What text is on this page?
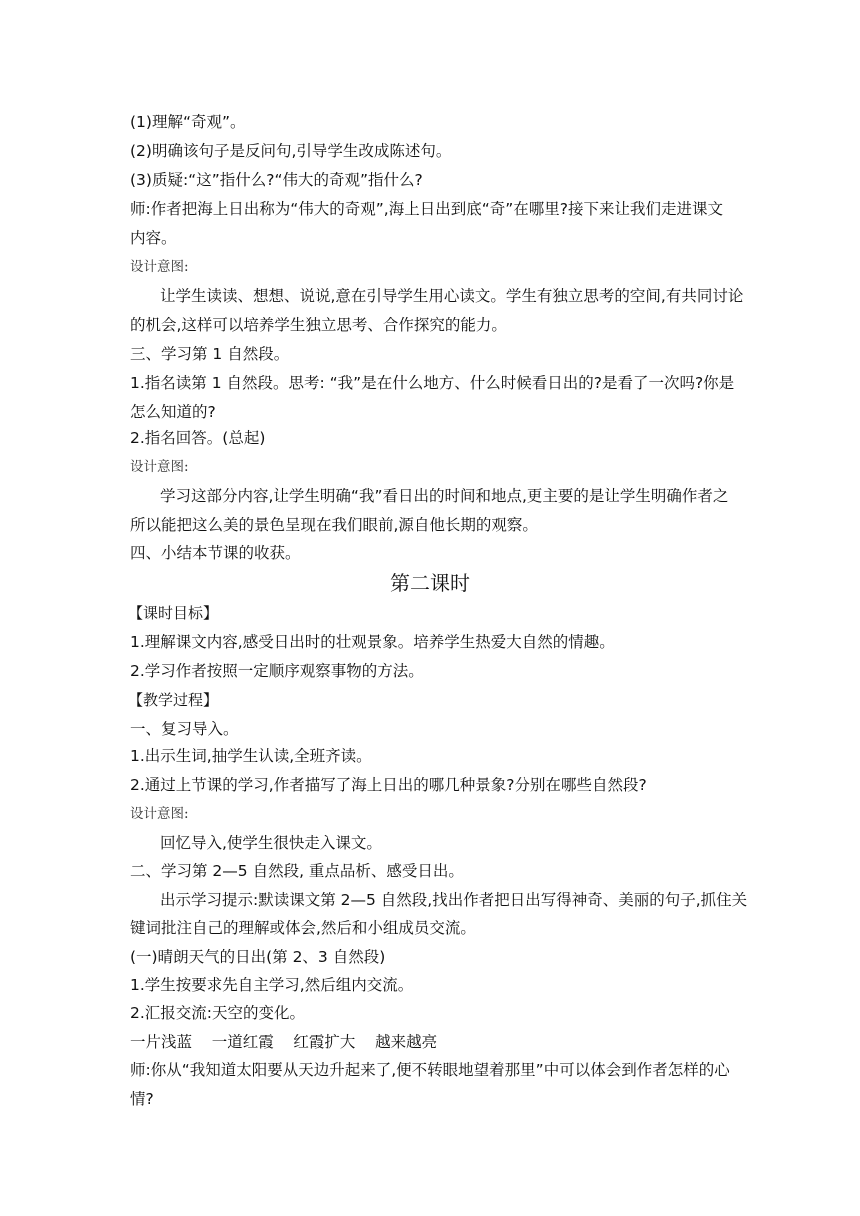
(1)理解“奇观”。
(2)明确该句子是反问句,引导学生改成陈述句。
(3)质疑:“这”指什么?“伟大的奇观”指什么?
师:作者把海上日出称为“伟大的奇观”,海上日出到底“奇”在哪里?接下来让我们走进课文
内容。
设计意图:
让学生读读、想想、说说,意在引导学生用心读文。学生有独立思考的空间,有共同讨论
的机会,这样可以培养学生独立思考、合作探究的能力。
三、学习第 1 自然段。
1.指名读第 1 自然段。思考: “我”是在什么地方、什么时候看日出的?是看了一次吗?你是
怎么知道的?
2.指名回答。(总起)
设计意图:
学习这部分内容,让学生明确“我”看日出的时间和地点,更主要的是让学生明确作者之
所以能把这么美的景色呈现在我们眼前,源自他长期的观察。
四、小结本节课的收获。
第二课时
【课时目标】
1.理解课文内容,感受日出时的壮观景象。培养学生热爱大自然的情趣。
2.学习作者按照一定顺序观察事物的方法。
【教学过程】
一、复习导入。
1.出示生词,抽学生认读,全班齐读。
2.通过上节课的学习,作者描写了海上日出的哪几种景象?分别在哪些自然段?
设计意图:
回忆导入,使学生很快走入课文。
二、学习第 2—5 自然段, 重点品析、感受日出。
出示学习提示:默读课文第 2—5 自然段,找出作者把日出写得神奇、美丽的句子,抓住关
键词批注自己的理解或体会,然后和小组成员交流。
(一)晴朗天气的日出(第 2、3 自然段)
1.学生按要求先自主学习,然后组内交流。
2.汇报交流:天空的变化。
一片浅蓝    一道红霞    红霞扩大    越来越亮
师:你从“我知道太阳要从天边升起来了,便不转眼地望着那里”中可以体会到作者怎样的心
情?
